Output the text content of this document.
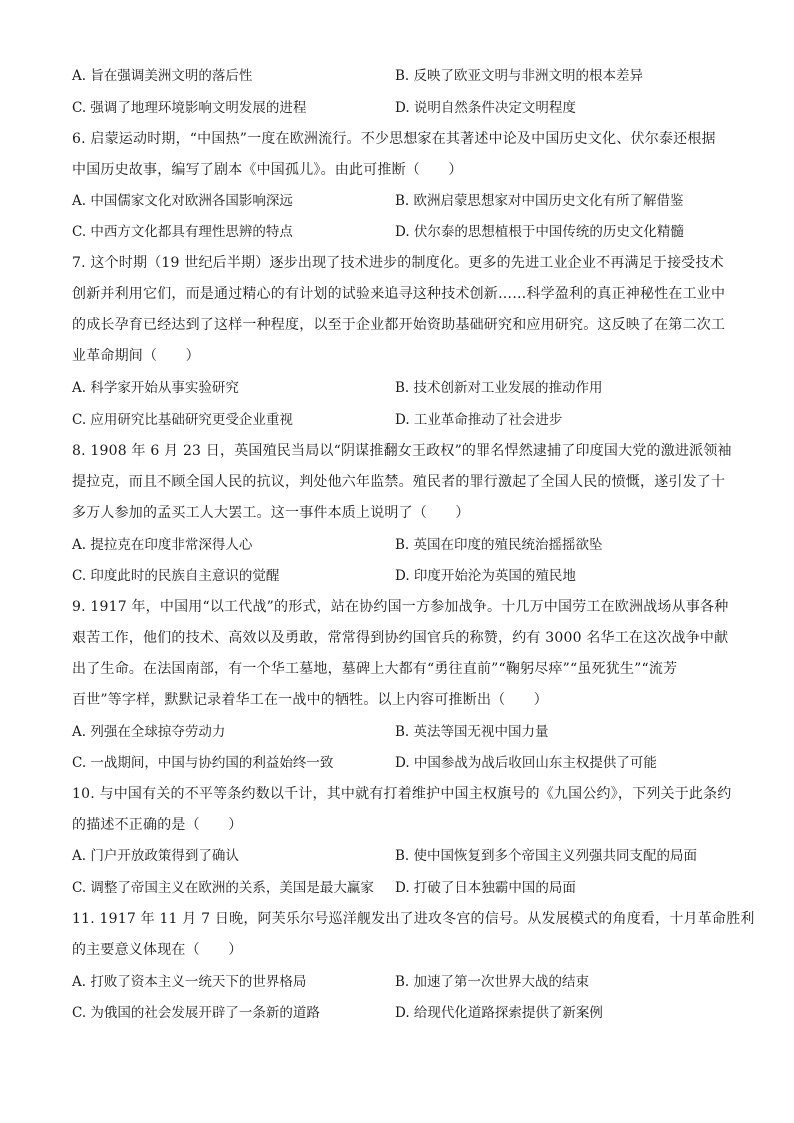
A. 旨在强调美洲文明的落后性	B. 反映了欧亚文明与非洲文明的根本差异
C. 强调了地理环境影响文明发展的进程	D. 说明自然条件决定文明程度
6. 启蒙运动时期，“中国热”一度在欧洲流行。不少思想家在其著述中论及中国历史文化、伏尔泰还根据
中国历史故事，编写了剧本《中国孤儿》。由此可推断（　　）
A. 中国儒家文化对欧洲各国影响深远	B. 欧洲启蒙思想家对中国历史文化有所了解借鉴
C. 中西方文化都具有理性思辨的特点	D. 伏尔泰的思想植根于中国传统的历史文化精髓
7. 这个时期（19 世纪后半期）逐步出现了技术进步的制度化。更多的先进工业企业不再满足于接受技术
创新并利用它们，而是通过精心的有计划的试验来追寻这种技术创新……科学盈利的真正神秘性在工业中
的成长孕育已经达到了这样一种程度，以至于企业都开始资助基础研究和应用研究。这反映了在第二次工
业革命期间（　　）
A. 科学家开始从事实验研究	B. 技术创新对工业发展的推动作用
C. 应用研究比基础研究更受企业重视	D. 工业革命推动了社会进步
8. 1908 年 6 月 23 日，英国殖民当局以“阴谋推翻女王政权”的罪名悍然逮捕了印度国大党的激进派领袖
提拉克，而且不顾全国人民的抗议，判处他六年监禁。殖民者的罪行激起了全国人民的愤慨，遂引发了十
多万人参加的孟买工人大罢工。这一事件本质上说明了（　　）
A. 提拉克在印度非常深得人心	B. 英国在印度的殖民统治摇摇欲坠
C. 印度此时的民族自主意识的觉醒	D. 印度开始沦为英国的殖民地
9. 1917 年，中国用“以工代战”的形式，站在协约国一方参加战争。十几万中国劳工在欧洲战场从事各种
艰苦工作，他们的技术、高效以及勇敢，常常得到协约国官兵的称赞，约有 3000 名华工在这次战争中献
出了生命。在法国南部，有一个华工墓地，墓碑上大都有“勇往直前”“鞠躬尽瘁”“虽死犹生”“流芳
百世”等字样，默默记录着华工在一战中的牺牲。以上内容可推断出（　　）
A. 列强在全球掠夺劳动力	B. 英法等国无视中国力量
C. 一战期间，中国与协约国的利益始终一致	D. 中国参战为战后收回山东主权提供了可能
10. 与中国有关的不平等条约数以千计，其中就有打着维护中国主权旗号的《九国公约》，下列关于此条约
的描述不正确的是（　　）
A. 门户开放政策得到了确认	B. 使中国恢复到多个帝国主义列强共同支配的局面
C. 调整了帝国主义在欧洲的关系，美国是最大赢家 D. 打破了日本独霸中国的局面
11. 1917 年 11 月 7 日晚，阿芙乐尔号巡洋舰发出了进攻冬宫的信号。从发展模式的角度看，十月革命胜利
的主要意义体现在（　　）
A. 打败了资本主义一统天下的世界格局	B. 加速了第一次世界大战的结束
C. 为俄国的社会发展开辟了一条新的道路	D. 给现代化道路探索提供了新案例
